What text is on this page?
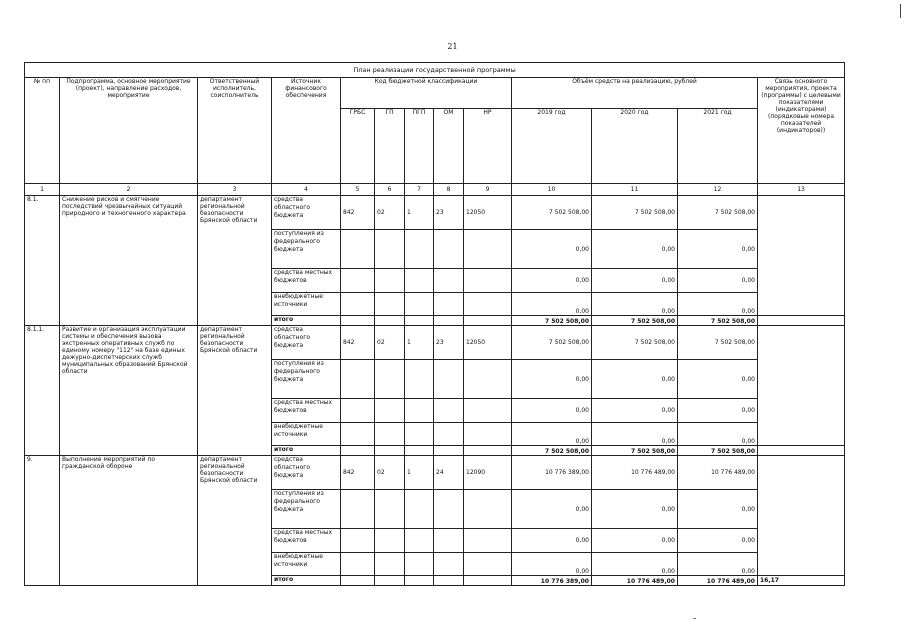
21
План реализации государственной программы												
№ пп	Подпрограмма, основное мероприятие (проект), направление расходов, мероприятие	Ответственный исполнитель, соисполнитель	Источник финансового обеспечения	Код бюджетной классификации					Объём средств на реализацию, рублей			Связь основного мероприятия, проекта (программы) с целевыми показателями (индикаторами) (порядковые номера показателей (индикаторов))
				ГРБС	ГП	ПГП	ОМ	НР	2019 год	2020 год	2021 год	
1	2	3	4	5	6	7	8	9	10	11	12	13
8.1.	Снижение рисков и смягчение последствий чрезвычайных ситуаций природного и техногенного характера	департамент региональной безопасности Брянской области	средства областного бюджета	842	02	1	23	12050	7 502 508,00	7 502 508,00	7 502 508,00	
			поступления из федерального бюджета						0,00	0,00	0,00	
			средства местных бюджетов						0,00	0,00	0,00	
			внебюджетные источники						0,00	0,00	0,00	
			итого						7 502 508,00	7 502 508,00	7 502 508,00	
8.1.1.	Развитие и организация эксплуатации системы и обеспечения вызова экстренных оперативных служб по единому номеру "112" на базе единых дежурно-диспетчерских служб муниципальных образований Брянской области	департамент региональной безопасности Брянской области	средства областного бюджета	842	02	1	23	12050	7 502 508,00	7 502 508,00	7 502 508,00	
			поступления из федерального бюджета						0,00	0,00	0,00	
			средства местных бюджетов						0,00	0,00	0,00	
			внебюджетные источники						0,00	0,00	0,00	
			итого						7 502 508,00	7 502 508,00	7 502 508,00	
9.	Выполнение мероприятий по гражданской обороне	департамент региональной безопасности Брянской области	средства областного бюджета	842	02	1	24	12090	10 776 389,00	10 776 489,00	10 776 489,00	
			поступления из федерального бюджета						0,00	0,00	0,00	
			средства местных бюджетов						0,00	0,00	0,00	
			внебюджетные источники						0,00	0,00	0,00	
			итого						10 776 389,00	10 776 489,00	10 776 489,00	16,17
